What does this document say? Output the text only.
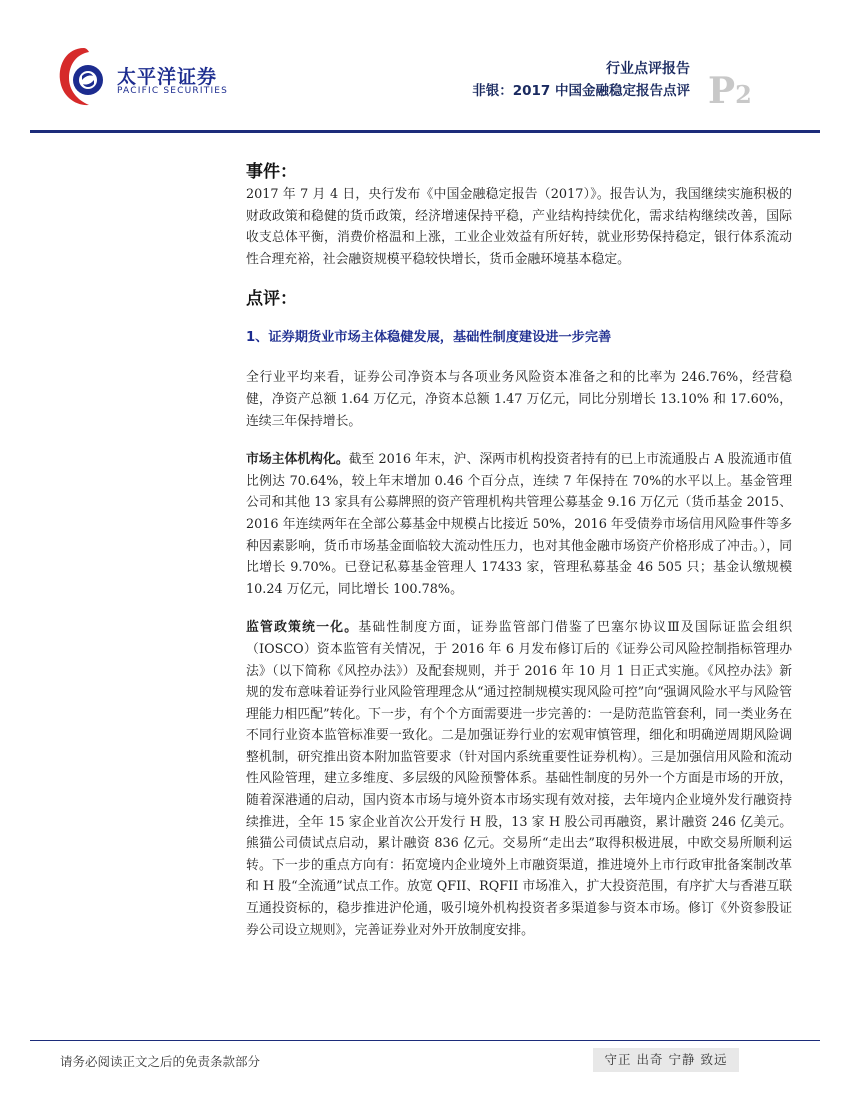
太平洋证券
PACIFIC SECURITIES
行业点评报告
非银：2017 中国金融稳定报告点评 P2
事件：

2017 年 7 月 4 日，央行发布《中国金融稳定报告（2017）》。报告认为，我国继续实施积极的财政政策和稳健的货币政策，经济增速保持平稳，产业结构持续优化，需求结构继续改善，国际收支总体平衡，消费价格温和上涨，工业企业效益有所好转，就业形势保持稳定，银行体系流动性合理充裕，社会融资规模平稳较快增长，货币金融环境基本稳定。

点评：

1、证券期货业市场主体稳健发展，基础性制度建设进一步完善

全行业平均来看，证券公司净资本与各项业务风险资本准备之和的比率为 246.76%，经营稳健，净资产总额 1.64 万亿元，净资本总额 1.47 万亿元，同比分别增长 13.10% 和 17.60%，连续三年保持增长。

市场主体机构化。截至 2016 年末，沪、深两市机构投资者持有的已上市流通股占 A 股流通市值比例达 70.64%，较上年末增加 0.46 个百分点，连续 7 年保持在 70%的水平以上。基金管理公司和其他 13 家具有公募牌照的资产管理机构共管理公募基金 9.16 万亿元（货币基金 2015、2016 年连续两年在全部公募基金中规模占比接近 50%，2016 年受债券市场信用风险事件等多种因素影响，货币市场基金面临较大流动性压力，也对其他金融市场资产价格形成了冲击。），同比增长 9.70%。已登记私募基金管理人 17433 家，管理私募基金 46 505 只；基金认缴规模 10.24 万亿元，同比增长 100.78%。

监管政策统一化。基础性制度方面，证券监管部门借鉴了巴塞尔协议Ⅲ及国际证监会组织（IOSCO）资本监管有关情况，于 2016 年 6 月发布修订后的《证券公司风险控制指标管理办法》（以下简称《风控办法》）及配套规则，并于 2016 年 10 月 1 日正式实施。《风控办法》新规的发布意味着证券行业风险管理理念从“通过控制规模实现风险可控”向“强调风险水平与风险管理能力相匹配”转化。下一步，有个个方面需要进一步完善的：一是防范监管套利，同一类业务在不同行业资本监管标准要一致化。二是加强证券行业的宏观审慎管理，细化和明确逆周期风险调整机制，研究推出资本附加监管要求（针对国内系统重要性证券机构）。三是加强信用风险和流动性风险管理，建立多维度、多层级的风险预警体系。基础性制度的另外一个方面是市场的开放，随着深港通的启动，国内资本市场与境外资本市场实现有效对接，去年境内企业境外发行融资持续推进，全年 15 家企业首次公开发行 H 股，13 家 H 股公司再融资，累计融资 246 亿美元。熊猫公司债试点启动，累计融资 836 亿元。交易所“走出去”取得积极进展，中欧交易所顺利运转。下一步的重点方向有：拓宽境内企业境外上市融资渠道，推进境外上市行政审批备案制改革和 H 股“全流通”试点工作。放宽 QFII、RQFII 市场准入，扩大投资范围，有序扩大与香港互联互通投资标的，稳步推进沪伦通，吸引境外机构投资者多渠道参与资本市场。修订《外资参股证券公司设立规则》，完善证券业对外开放制度安排。

请务必阅读正文之后的免责条款部分	守正 出奇 宁静 致远
